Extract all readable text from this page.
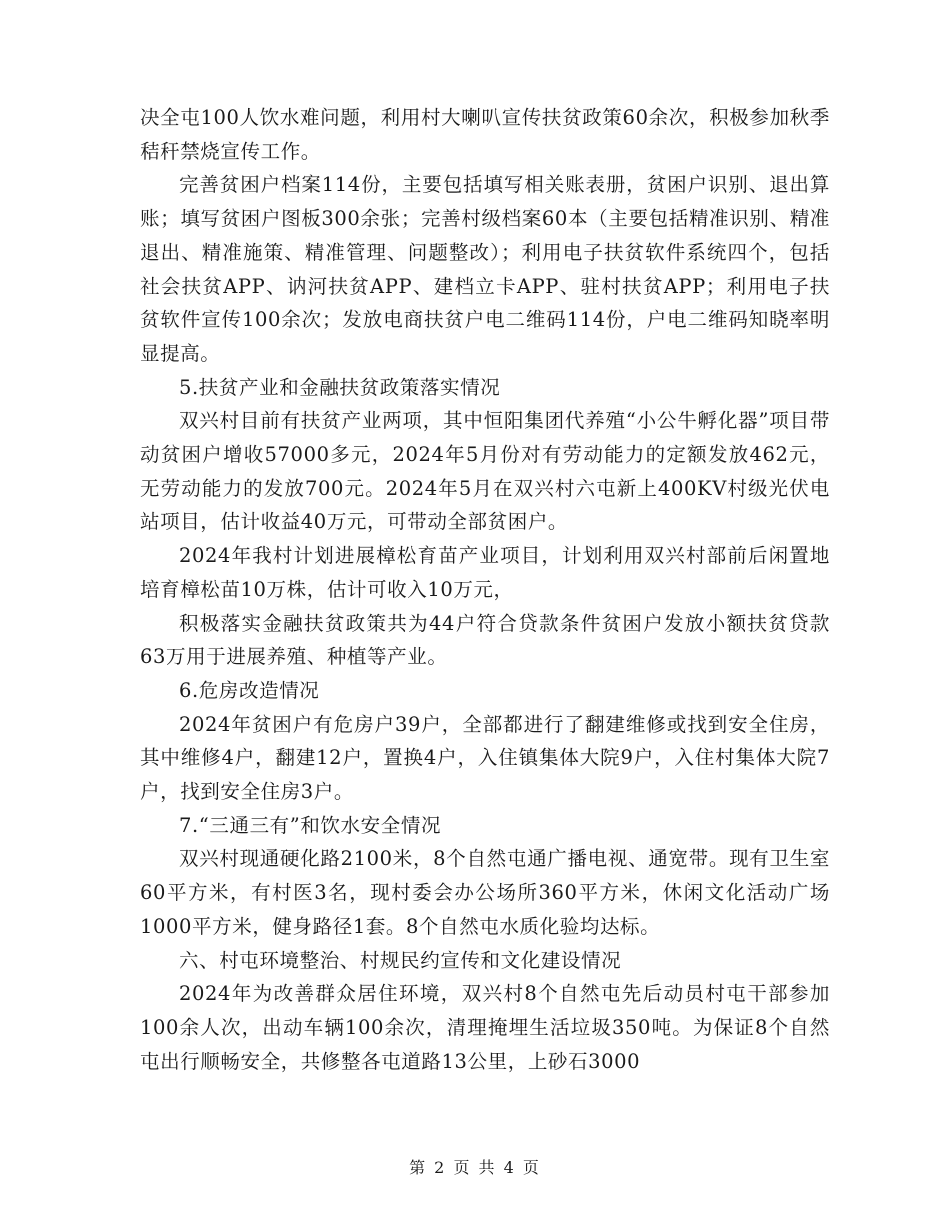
决全屯100人饮水难问题，利用村大喇叭宣传扶贫政策60余次，积极参加秋季秸秆禁烧宣传工作。

完善贫困户档案114份，主要包括填写相关账表册，贫困户识别、退出算账；填写贫困户图板300余张；完善村级档案60本（主要包括精准识别、精准退出、精准施策、精准管理、问题整改）；利用电子扶贫软件系统四个，包括社会扶贫APP、讷河扶贫APP、建档立卡APP、驻村扶贫APP；利用电子扶贫软件宣传100余次；发放电商扶贫户电二维码114份，户电二维码知晓率明显提高。

5.扶贫产业和金融扶贫政策落实情况

双兴村目前有扶贫产业两项，其中恒阳集团代养殖“小公牛孵化器”项目带动贫困户增收57000多元，2024年5月份对有劳动能力的定额发放462元，无劳动能力的发放700元。2024年5月在双兴村六屯新上400KV村级光伏电站项目，估计收益40万元，可带动全部贫困户。

2024年我村计划进展樟松育苗产业项目，计划利用双兴村部前后闲置地培育樟松苗10万株，估计可收入10万元，

积极落实金融扶贫政策共为44户符合贷款条件贫困户发放小额扶贫贷款63万用于进展养殖、种植等产业。

6.危房改造情况

2024年贫困户有危房户39户，全部都进行了翻建维修或找到安全住房，其中维修4户，翻建12户，置换4户，入住镇集体大院9户，入住村集体大院7户，找到安全住房3户。

7.“三通三有”和饮水安全情况

双兴村现通硬化路2100米，8个自然屯通广播电视、通宽带。现有卫生室60平方米，有村医3名，现村委会办公场所360平方米，休闲文化活动广场1000平方米，健身路径1套。8个自然屯水质化验均达标。

六、村屯环境整治、村规民约宣传和文化建设情况

2024年为改善群众居住环境，双兴村8个自然屯先后动员村屯干部参加100余人次，出动车辆100余次，清理掩埋生活垃圾350吨。为保证8个自然屯出行顺畅安全，共修整各屯道路13公里，上砂石3000

第 2 页 共 4 页
